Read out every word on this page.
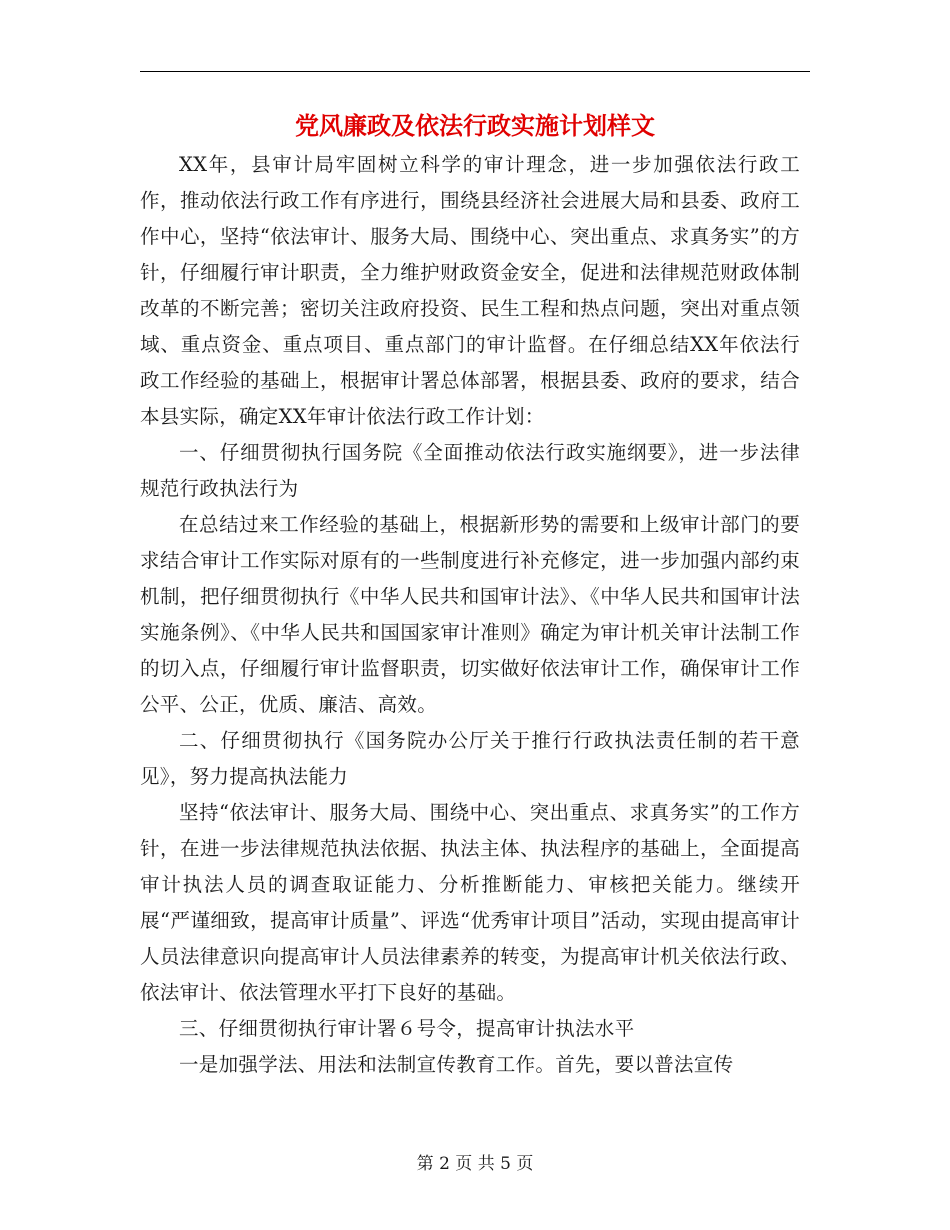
党风廉政及依法行政实施计划样文

XX年，县审计局牢固树立科学的审计理念，进一步加强依法行政工作，推动依法行政工作有序进行，围绕县经济社会进展大局和县委、政府工作中心，坚持“依法审计、服务大局、围绕中心、突出重点、求真务实”的方针，仔细履行审计职责，全力维护财政资金安全，促进和法律规范财政体制改革的不断完善；密切关注政府投资、民生工程和热点问题，突出对重点领域、重点资金、重点项目、重点部门的审计监督。在仔细总结XX年依法行政工作经验的基础上，根据审计署总体部署，根据县委、政府的要求，结合本县实际，确定XX年审计依法行政工作计划：

一、仔细贯彻执行国务院《全面推动依法行政实施纲要》，进一步法律规范行政执法行为

在总结过来工作经验的基础上，根据新形势的需要和上级审计部门的要求结合审计工作实际对原有的一些制度进行补充修定，进一步加强内部约束机制，把仔细贯彻执行《中华人民共和国审计法》、《中华人民共和国审计法实施条例》、《中华人民共和国国家审计准则》确定为审计机关审计法制工作的切入点，仔细履行审计监督职责，切实做好依法审计工作，确保审计工作公平、公正，优质、廉洁、高效。

二、仔细贯彻执行《国务院办公厅关于推行行政执法责任制的若干意见》，努力提高执法能力

坚持“依法审计、服务大局、围绕中心、突出重点、求真务实”的工作方针，在进一步法律规范执法依据、执法主体、执法程序的基础上，全面提高审计执法人员的调查取证能力、分析推断能力、审核把关能力。继续开展“严谨细致，提高审计质量”、评选“优秀审计项目”活动，实现由提高审计人员法律意识向提高审计人员法律素养的转变，为提高审计机关依法行政、依法审计、依法管理水平打下良好的基础。

三、仔细贯彻执行审计署６号令，提高审计执法水平

一是加强学法、用法和法制宣传教育工作。首先，要以普法宣传

第 2 页 共 5 页
